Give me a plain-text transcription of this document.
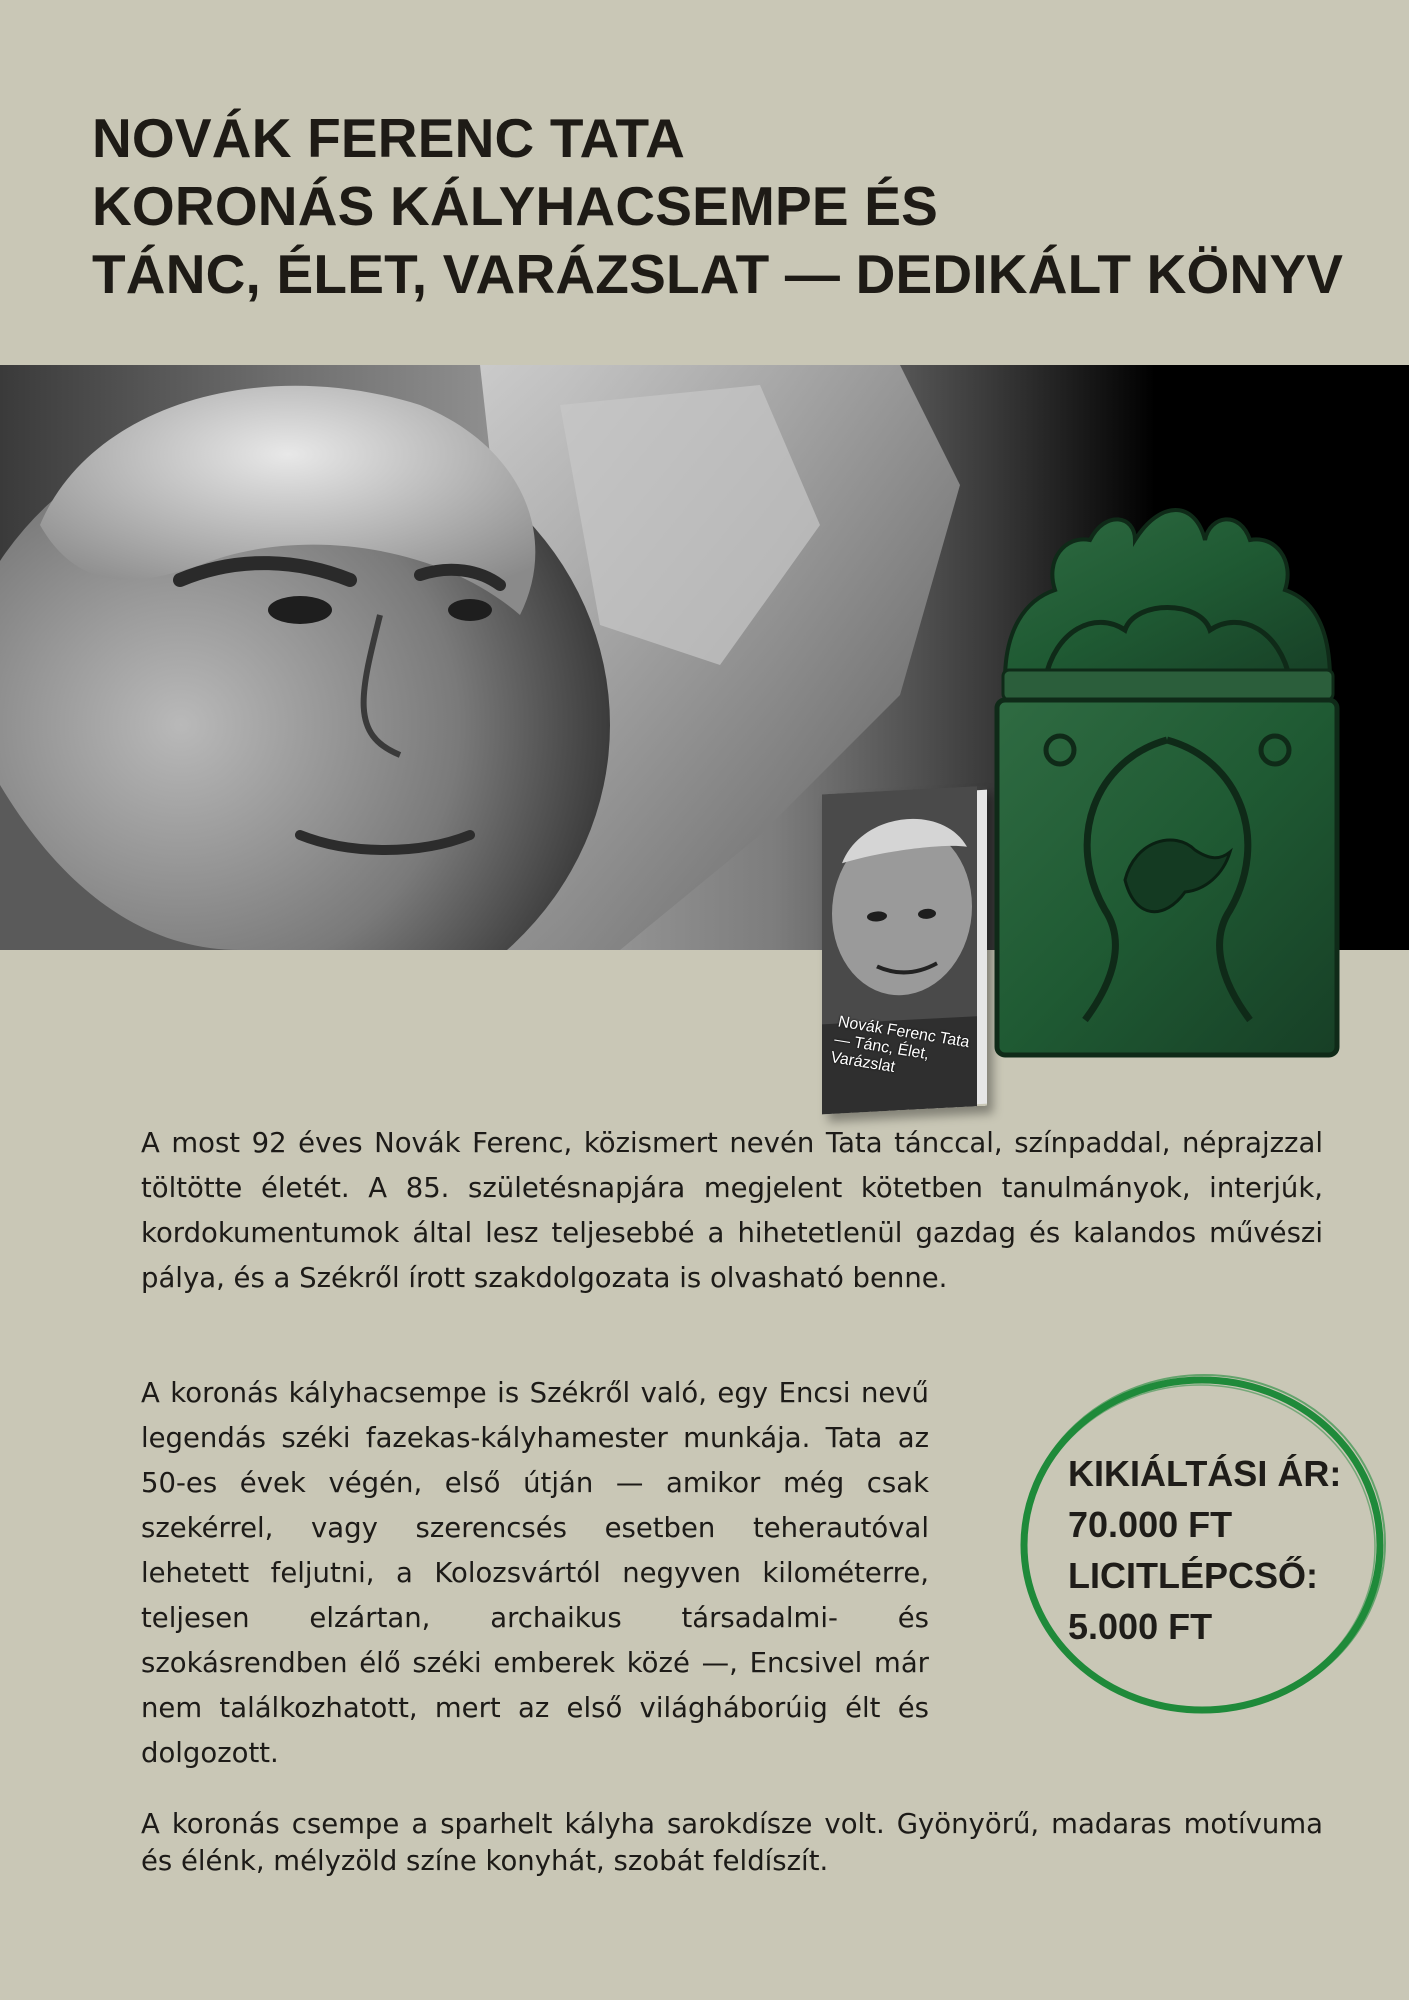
NOVÁK FERENC TATA
KORONÁS KÁLYHACSEMPE ÉS
TÁNC, ÉLET, VARÁZSLAT — DEDIKÁLT KÖNYV
Novák Ferenc Tata — Tánc, Élet, Varázslat

A most 92 éves Novák Ferenc, közismert nevén Tata tánccal, színpaddal, néprajzzal töltötte életét. A 85. születésnapjára megjelent kötetben tanulmányok, interjúk, kordokumentumok által lesz teljesebbé a hihetetlenül gazdag és kalandos művészi pálya, és a Székről írott szakdolgozata is olvasható benne.

A koronás kályhacsempe is Székről való, egy Encsi nevű legendás széki fazekas-kályhamester munkája. Tata az 50-es évek végén, első útján — amikor még csak szekérrel, vagy szerencsés esetben teherautóval lehetett feljutni, a Kolozsvártól negyven kilométerre, teljesen elzártan, archaikus társadalmi- és szokásrendben élő széki emberek közé —, Encsivel már nem találkozhatott, mert az első világháborúig élt és dolgozott.

A koronás csempe a sparhelt kályha sarokdísze volt. Gyönyörű, madaras motívuma és élénk, mélyzöld színe konyhát, szobát feldíszít.

KIKIÁLTÁSI ÁR:
70.000 FT
LICITLÉPCSŐ:
5.000 FT
